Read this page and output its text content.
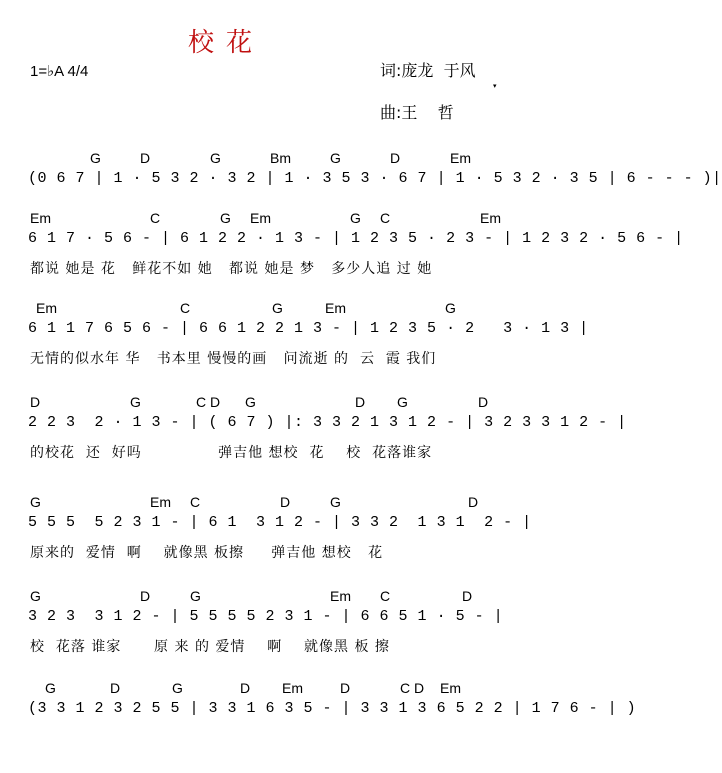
校花
1=♭A 4/4	词:庞龙  于风
▾
曲:王    哲
G	D	G	Bm	G	D	Em
(0 6 7 | 1 · 5 3 2 · 3 2 | 1 · 3 5 3 · 6 7 | 1 · 5 3 2 · 3 5 | 6 - - - )|
Em	C	G Em	G C	Em
6 1 7 · 5 6 - | 6 1 2 2 · 1 3 - | 1 2 3 5 · 2 3 - | 1 2 3 2 · 5 6 - |
都说 她是 花   鲜花不如 她   都说 她是 梦   多少人追 过 她
Em	C	G	Em	G
6 1 1 7 6 5 6 - | 6 6 1 2 2 1 3 - | 1 2 3 5 · 2   3 · 1 3 |
无情的似水年 华   书本里 慢慢的画   问流逝 的  云  霞 我们
D	G	C D G	D G	D
2 2 3  2 · 1 3 - | ( 6 7 ) |: 3 3 2 1 3 1 2 - | 3 2 3 3 1 2 - |
的校花  还  好吗              弹吉他 想校  花    校  花落谁家
G	Em C	D	G	D
5 5 5  5 2 3 1 - | 6 1  3 1 2 - | 3 3 2  1 3 1  2 - |
原来的  爱情  啊    就像黑 板擦     弹吉他 想校   花
G	D	G	Em C	D
3 2 3  3 1 2 - | 5 5 5 5 2 3 1 - | 6 6 5 1 · 5 - |
校  花落 谁家      原 来 的 爱情    啊    就像黑 板 擦
G	D	G	D Em	D	C D Em
(3 3 1 2 3 2 5 5 | 3 3 1 6 3 5 - | 3 3 1 3 6 5 2 2 | 1 7 6 - | )
